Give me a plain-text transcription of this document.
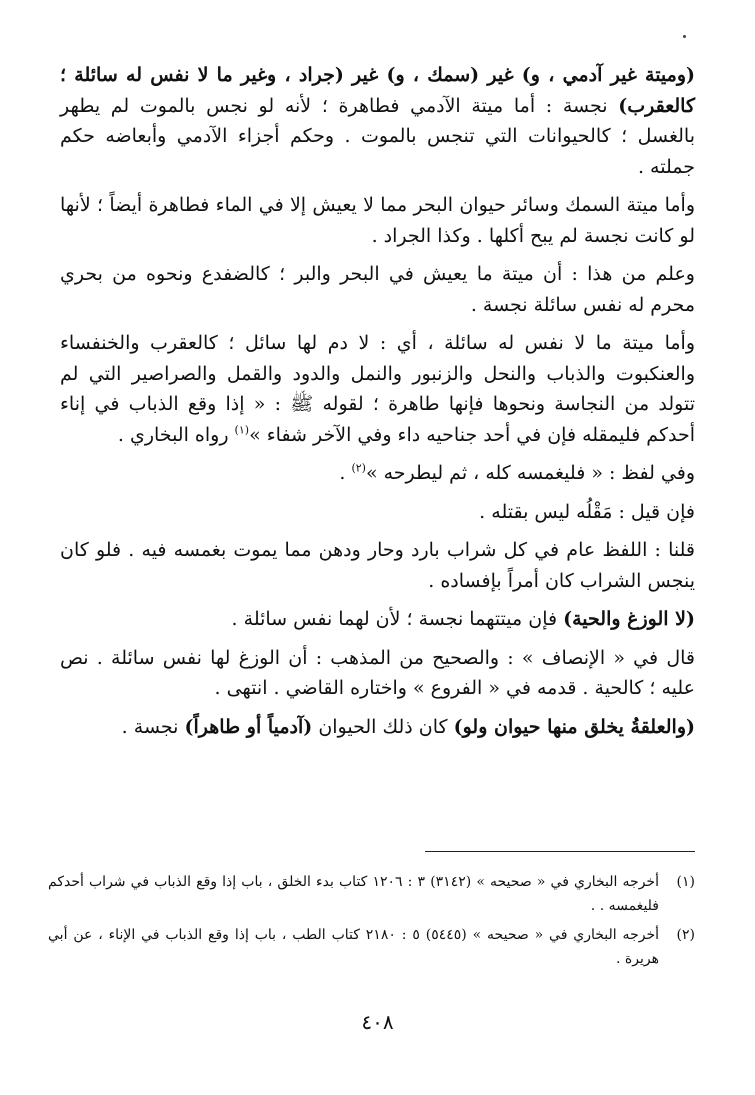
(وميتة غير آدمي ، و) غير (سمك ، و) غير (جراد ، وغير ما لا نفس له سائلة ؛ كالعقرب) نجسة : أما ميتة الآدمي فطاهرة ؛ لأنه لو نجس بالموت لم يطهر بالغسل ؛ كالحيوانات التي تنجس بالموت . وحكم أجزاء الآدمي وأبعاضه حكم جملته .

وأما ميتة السمك وسائر حيوان البحر مما لا يعيش إلا في الماء فطاهرة أيضاً ؛ لأنها لو كانت نجسة لم يبح أكلها . وكذا الجراد .

وعلم من هذا : أن ميتة ما يعيش في البحر والبر ؛ كالضفدع ونحوه من بحري محرم له نفس سائلة نجسة .

وأما ميتة ما لا نفس له سائلة ، أي : لا دم لها سائل ؛ كالعقرب والخنفساء والعنكبوت والذباب والنحل والزنبور والنمل والدود والقمل والصراصير التي لم تتولد من النجاسة ونحوها فإنها طاهرة ؛ لقوله ﷺ : « إذا وقع الذباب في إناء أحدكم فليمقله فإن في أحد جناحيه داء وفي الآخر شفاء »$^{(١)}$ رواه البخاري .

وفي لفظ : « فليغمسه كله ، ثم ليطرحه »$^{(٢)}$ .

فإن قيل : مَقْلُه ليس بقتله .

قلنا : اللفظ عام في كل شراب بارد وحار ودهن مما يموت بغمسه فيه . فلو كان ينجس الشراب كان أمراً بإفساده .

(لا الوزغ والحية) فإن ميتتهما نجسة ؛ لأن لهما نفس سائلة .

قال في « الإنصاف » : والصحيح من المذهب : أن الوزغ لها نفس سائلة . نص عليه ؛ كالحية . قدمه في « الفروع » واختاره القاضي . انتهى .

(والعلقةُ يخلق منها حيوان ولو) كان ذلك الحيوان (آدمياً أو طاهراً) نجسة .

(١)
أخرجه البخاري في « صحيحه » (٣١٤٢) ٣ : ١٢٠٦ كتاب بدء الخلق ، باب إذا وقع الذباب في شراب أحدكم فليغمسه . .
(٢)
أخرجه البخاري في « صحيحه » (٥٤٤٥) ٥ : ٢١٨٠ كتاب الطب ، باب إذا وقع الذباب في الإناء ، عن أبي هريرة .
٤٠٨
